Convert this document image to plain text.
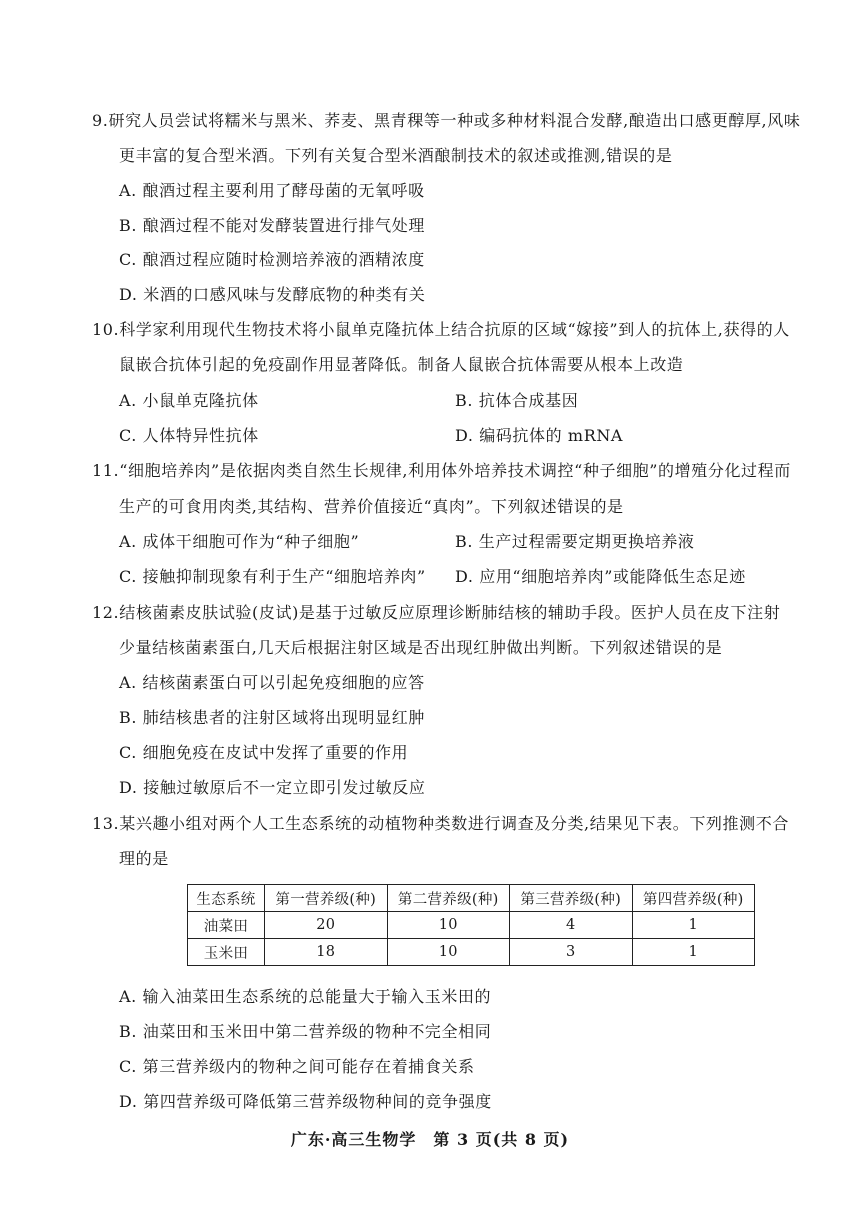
9.研究人员尝试将糯米与黑米、荞麦、黑青稞等一种或多种材料混合发酵,酿造出口感更醇厚,风味
更丰富的复合型米酒。下列有关复合型米酒酿制技术的叙述或推测,错误的是
A. 酿酒过程主要利用了酵母菌的无氧呼吸
B. 酿酒过程不能对发酵装置进行排气处理
C. 酿酒过程应随时检测培养液的酒精浓度
D. 米酒的口感风味与发酵底物的种类有关
10.科学家利用现代生物技术将小鼠单克隆抗体上结合抗原的区域“嫁接”到人的抗体上,获得的人
鼠嵌合抗体引起的免疫副作用显著降低。制备人鼠嵌合抗体需要从根本上改造
A. 小鼠单克隆抗体	B. 抗体合成基因
C. 人体特异性抗体	D. 编码抗体的 mRNA
11.“细胞培养肉”是依据肉类自然生长规律,利用体外培养技术调控“种子细胞”的增殖分化过程而
生产的可食用肉类,其结构、营养价值接近“真肉”。下列叙述错误的是
A. 成体干细胞可作为“种子细胞”	B. 生产过程需要定期更换培养液
C. 接触抑制现象有利于生产“细胞培养肉” D. 应用“细胞培养肉”或能降低生态足迹
12.结核菌素皮肤试验(皮试)是基于过敏反应原理诊断肺结核的辅助手段。医护人员在皮下注射
少量结核菌素蛋白,几天后根据注射区域是否出现红肿做出判断。下列叙述错误的是
A. 结核菌素蛋白可以引起免疫细胞的应答
B. 肺结核患者的注射区域将出现明显红肿
C. 细胞免疫在皮试中发挥了重要的作用
D. 接触过敏原后不一定立即引发过敏反应
13.某兴趣小组对两个人工生态系统的动植物种类数进行调查及分类,结果见下表。下列推测不合
理的是
生态系统	第一营养级(种)	第二营养级(种)	第三营养级(种)	第四营养级(种)
油菜田	20	10	4	1
玉米田	18	10	3	1
A. 输入油菜田生态系统的总能量大于输入玉米田的
B. 油菜田和玉米田中第二营养级的物种不完全相同
C. 第三营养级内的物种之间可能存在着捕食关系
D. 第四营养级可降低第三营养级物种间的竞争强度
广东·高三生物学　第 3 页(共 8 页)
